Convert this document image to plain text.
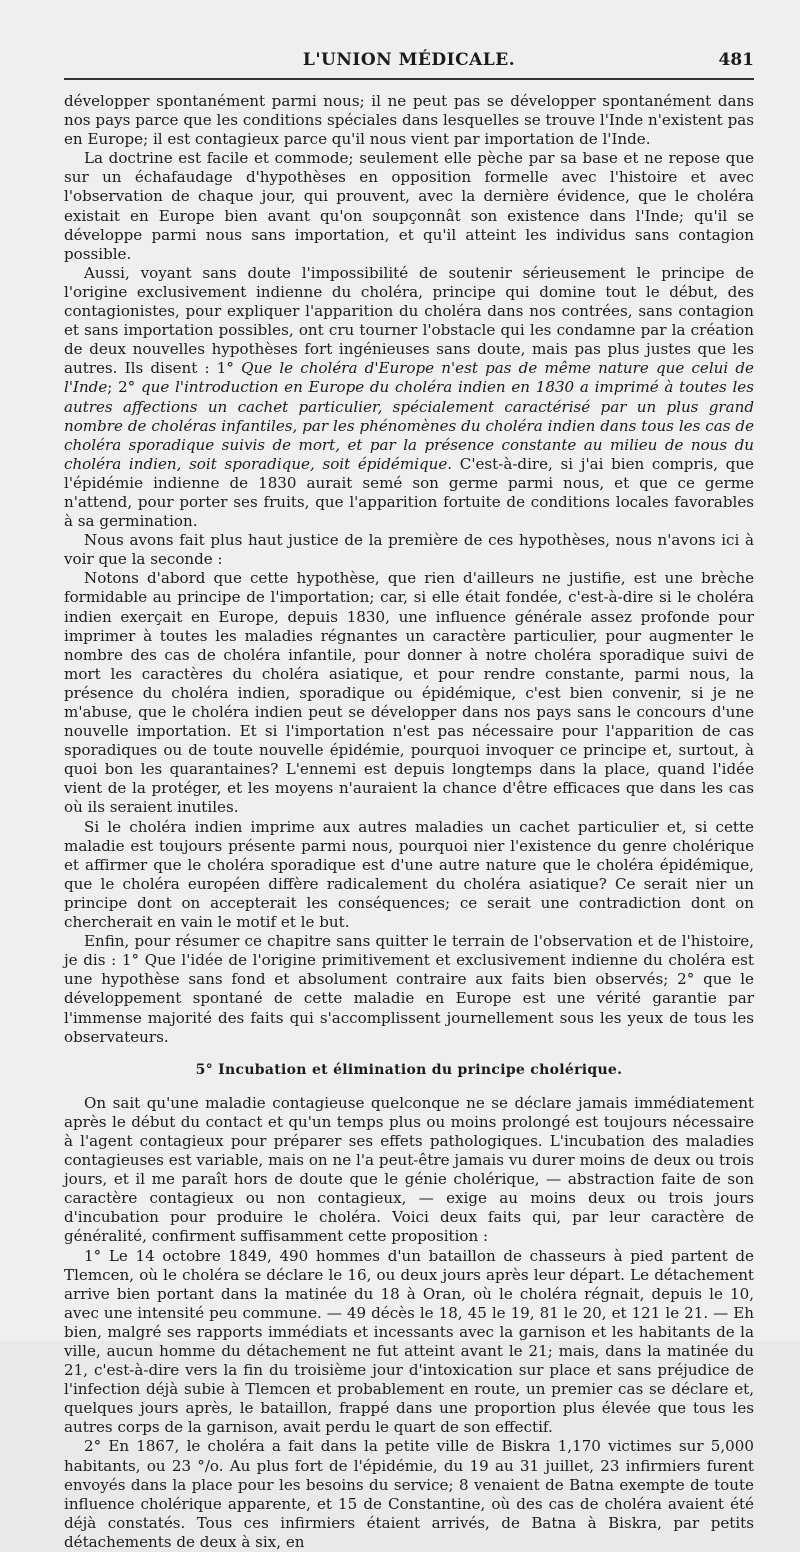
L'UNION MÉDICALE.	481

développer spontanément parmi nous; il ne peut pas se développer spontanément dans nos pays parce que les conditions spéciales dans lesquelles se trouve l'Inde n'existent pas en Europe; il est contagieux parce qu'il nous vient par importation de l'Inde.

La doctrine est facile et commode; seulement elle pèche par sa base et ne repose que sur un échafaudage d'hypothèses en opposition formelle avec l'histoire et avec l'observation de chaque jour, qui prouvent, avec la dernière évidence, que le choléra existait en Europe bien avant qu'on soupçonnât son existence dans l'Inde; qu'il se développe parmi nous sans importation, et qu'il atteint les individus sans contagion possible.

Aussi, voyant sans doute l'impossibilité de soutenir sérieusement le principe de l'origine exclusivement indienne du choléra, principe qui domine tout le début, des contagionistes, pour expliquer l'apparition du choléra dans nos contrées, sans contagion et sans importation possibles, ont cru tourner l'obstacle qui les condamne par la création de deux nouvelles hypothèses fort ingénieuses sans doute, mais pas plus justes que les autres. Ils disent : 1° Que le choléra d'Europe n'est pas de même nature que celui de l'Inde; 2° que l'introduction en Europe du choléra indien en 1830 a imprimé à toutes les autres affections un cachet particulier, spécialement caractérisé par un plus grand nombre de choléras infantiles, par les phénomènes du choléra indien dans tous les cas de choléra sporadique suivis de mort, et par la présence constante au milieu de nous du choléra indien, soit sporadique, soit épidémique. C'est-à-dire, si j'ai bien compris, que l'épidémie indienne de 1830 aurait semé son germe parmi nous, et que ce germe n'attend, pour porter ses fruits, que l'apparition fortuite de conditions locales favorables à sa germination.

Nous avons fait plus haut justice de la première de ces hypothèses, nous n'avons ici à voir que la seconde :

Notons d'abord que cette hypothèse, que rien d'ailleurs ne justifie, est une brèche formidable au principe de l'importation; car, si elle était fondée, c'est-à-dire si le choléra indien exerçait en Europe, depuis 1830, une influence générale assez profonde pour imprimer à toutes les maladies régnantes un caractère particulier, pour augmenter le nombre des cas de choléra infantile, pour donner à notre choléra sporadique suivi de mort les caractères du choléra asiatique, et pour rendre constante, parmi nous, la présence du choléra indien, sporadique ou épidémique, c'est bien convenir, si je ne m'abuse, que le choléra indien peut se développer dans nos pays sans le concours d'une nouvelle importation. Et si l'importation n'est pas nécessaire pour l'apparition de cas sporadiques ou de toute nouvelle épidémie, pourquoi invoquer ce principe et, surtout, à quoi bon les quarantaines? L'ennemi est depuis longtemps dans la place, quand l'idée vient de la protéger, et les moyens n'auraient la chance d'être efficaces que dans les cas où ils seraient inutiles.

Si le choléra indien imprime aux autres maladies un cachet particulier et, si cette maladie est toujours présente parmi nous, pourquoi nier l'existence du genre cholérique et affirmer que le choléra sporadique est d'une autre nature que le choléra épidémique, que le choléra européen diffère radicalement du choléra asiatique? Ce serait nier un principe dont on accepterait les conséquences; ce serait une contradiction dont on chercherait en vain le motif et le but.

Enfin, pour résumer ce chapitre sans quitter le terrain de l'observation et de l'histoire, je dis : 1° Que l'idée de l'origine primitivement et exclusivement indienne du choléra est une hypothèse sans fond et absolument contraire aux faits bien observés; 2° que le développement spontané de cette maladie en Europe est une vérité garantie par l'immense majorité des faits qui s'accomplissent journellement sous les yeux de tous les observateurs.

5° Incubation et élimination du principe cholérique.

On sait qu'une maladie contagieuse quelconque ne se déclare jamais immédiatement après le début du contact et qu'un temps plus ou moins prolongé est toujours nécessaire à l'agent contagieux pour préparer ses effets pathologiques. L'incubation des maladies contagieuses est variable, mais on ne l'a peut-être jamais vu durer moins de deux ou trois jours, et il me paraît hors de doute que le génie cholérique, — abstraction faite de son caractère contagieux ou non contagieux, — exige au moins deux ou trois jours d'incubation pour produire le choléra. Voici deux faits qui, par leur caractère de généralité, confirment suffisamment cette proposition :

1° Le 14 octobre 1849, 490 hommes d'un bataillon de chasseurs à pied partent de Tlemcen, où le choléra se déclare le 16, ou deux jours après leur départ. Le détachement arrive bien portant dans la matinée du 18 à Oran, où le choléra régnait, depuis le 10, avec une intensité peu commune. — 49 décès le 18, 45 le 19, 81 le 20, et 121 le 21. — Eh bien, malgré ses rapports immédiats et incessants avec la garnison et les habitants de la ville, aucun homme du détachement ne fut atteint avant le 21; mais, dans la matinée du 21, c'est-à-dire vers la fin du troisième jour d'intoxication sur place et sans préjudice de l'infection déjà subie à Tlemcen et probablement en route, un premier cas se déclare et, quelques jours après, le bataillon, frappé dans une proportion plus élevée que tous les autres corps de la garnison, avait perdu le quart de son effectif.

2° En 1867, le choléra a fait dans la petite ville de Biskra 1,170 victimes sur 5,000 habitants, ou 23 °/o. Au plus fort de l'épidémie, du 19 au 31 juillet, 23 infirmiers furent envoyés dans la place pour les besoins du service; 8 venaient de Batna exempte de toute influence cholérique apparente, et 15 de Constantine, où des cas de choléra avaient été déjà constatés. Tous ces infirmiers étaient arrivés, de Batna à Biskra, par petits détachements de deux à six, en
